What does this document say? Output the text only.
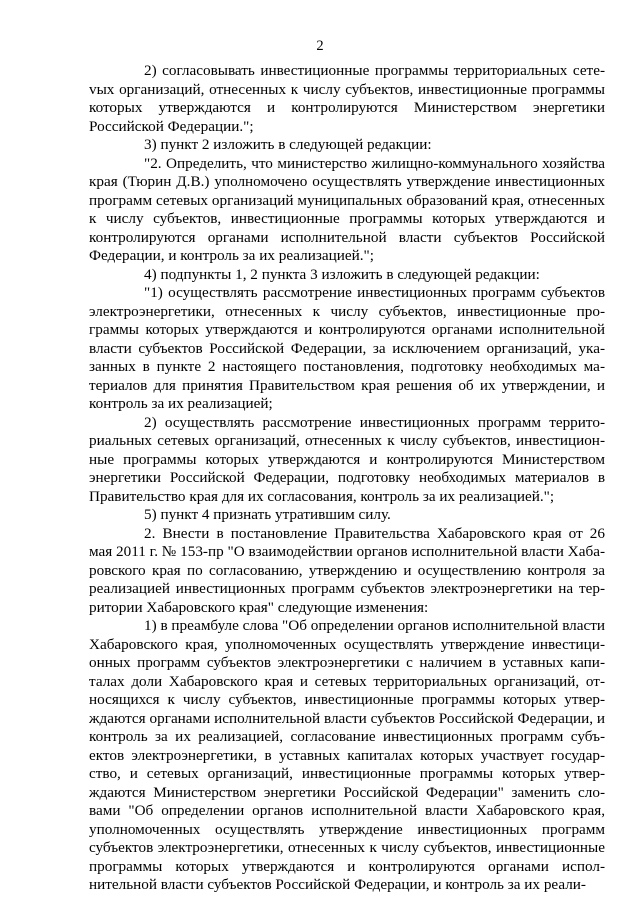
2

2) согласовывать инвестиционные программы территориальных сетеvых организаций, отнесенных к числу субъектов, инвестиционные программы которых утверждаются и контролируются Министерством энергетики Российской Федерации.";

3) пункт 2 изложить в следующей редакции:

"2. Определить, что министерство жилищно-коммунального хозяйства края (Тюрин Д.В.) уполномочено осуществлять утверждение инвестиционных программ сетевых организаций муниципальных образований края, отнесенных к числу субъектов, инвестиционные программы которых утверждаются и контролируются органами исполнительной власти субъектов Российской Федерации, и контроль за их реализацией.";

4) подпункты 1, 2 пункта 3 изложить в следующей редакции:

"1) осуществлять рассмотрение инвестиционных программ субъектов электроэнергетики, отнесенных к числу субъектов, инвестиционные программы которых утверждаются и контролируются органами исполнительной власти субъектов Российской Федерации, за исключением организаций, указанных в пункте 2 настоящего постановления, подготовку необходимых материалов для принятия Правительством края решения об их утверждении, и контроль за их реализацией;

2) осуществлять рассмотрение инвестиционных программ территориальных сетевых организаций, отнесенных к числу субъектов, инвестиционные программы которых утверждаются и контролируются Министерством энергетики Российской Федерации, подготовку необходимых материалов в Правительство края для их согласования, контроль за их реализацией.";

5) пункт 4 признать утратившим силу.

2. Внести в постановление Правительства Хабаровского края от 26 мая 2011 г. № 153-пр "О взаимодействии органов исполнительной власти Хабаровского края по согласованию, утверждению и осуществлению контроля за реализацией инвестиционных программ субъектов электроэнергетики на территории Хабаровского края" следующие изменения:

1) в преамбуле слова "Об определении органов исполнительной власти Хабаровского края, уполномоченных осуществлять утверждение инвестиционных программ субъектов электроэнергетики с наличием в уставных капиталах доли Хабаровского края и сетевых территориальных организаций, относящихся к числу субъектов, инвестиционные программы которых утверждаются органами исполнительной власти субъектов Российской Федерации, и контроль за их реализацией, согласование инвестиционных программ субъектов электроэнергетики, в уставных капиталах которых участвует государство, и сетевых организаций, инвестиционные программы которых утверждаются Министерством энергетики Российской Федерации" заменить словами "Об определении органов исполнительной власти Хабаровского края, уполномоченных осуществлять утверждение инвестиционных программ субъектов электроэнергетики, отнесенных к числу субъектов, инвестиционные программы которых утверждаются и контролируются органами исполнительной власти субъектов Российской Федерации, и контроль за их реали-
